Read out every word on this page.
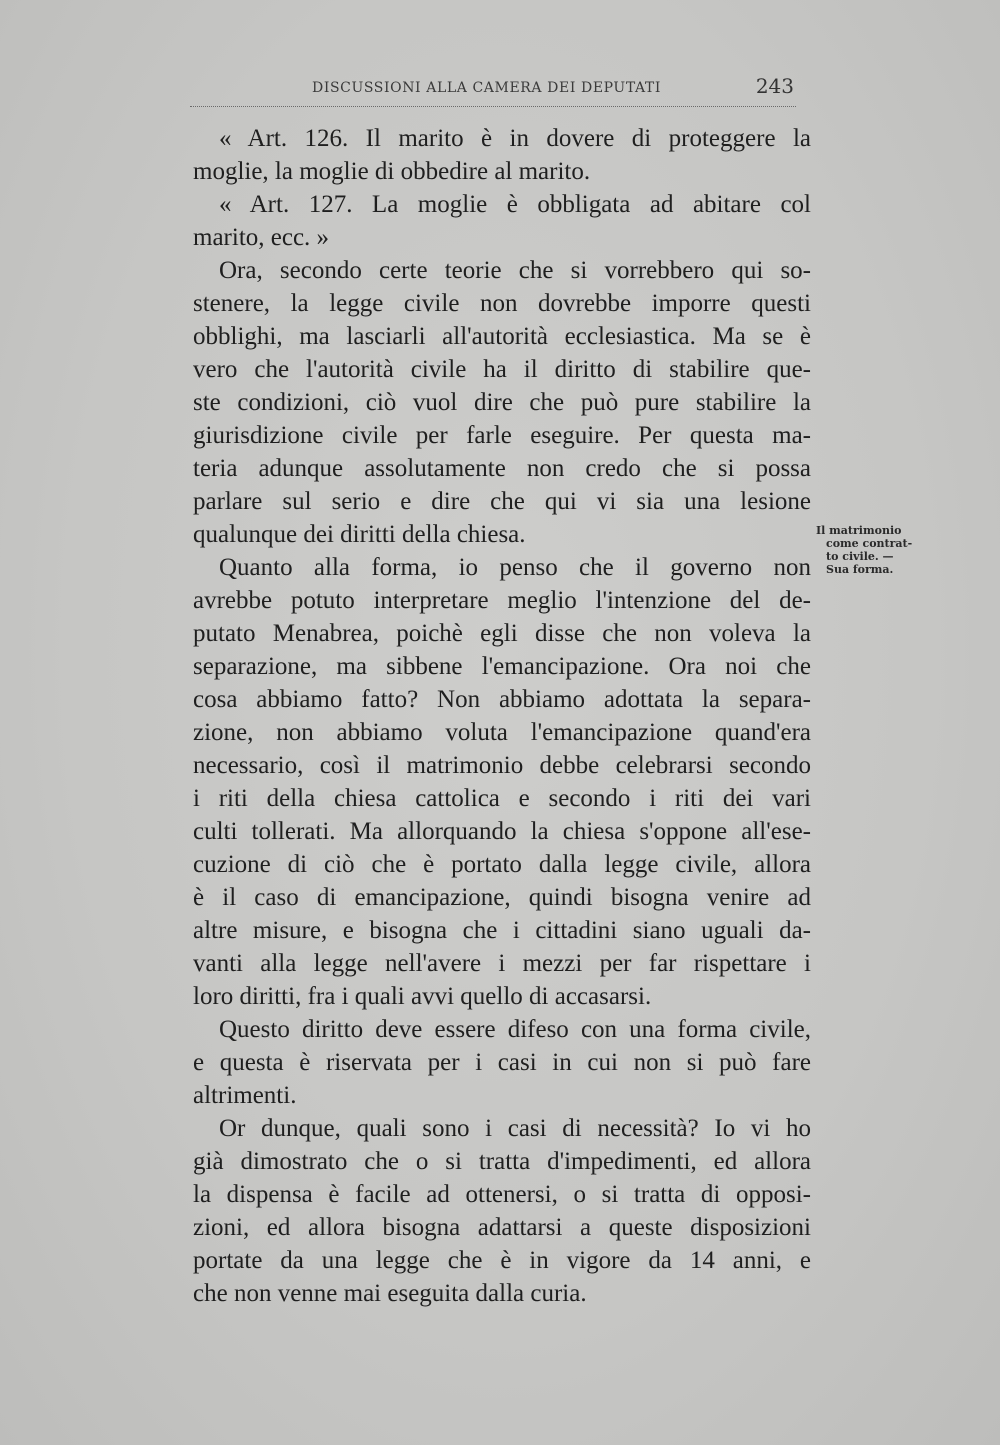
DISCUSSIONI ALLA CAMERA DEI DEPUTATI	243
« Art. 126. Il marito è in dovere di proteggere la
moglie, la moglie di obbedire al marito.
« Art. 127. La moglie è obbligata ad abitare col
marito, ecc. »
Ora, secondo certe teorie che si vorrebbero qui so-
stenere, la legge civile non dovrebbe imporre questi
obblighi, ma lasciarli all'autorità ecclesiastica. Ma se è
vero che l'autorità civile ha il diritto di stabilire que-
ste condizioni, ciò vuol dire che può pure stabilire la
giurisdizione civile per farle eseguire. Per questa ma-
teria adunque assolutamente non credo che si possa
parlare sul serio e dire che qui vi sia una lesione
qualunque dei diritti della chiesa.
Quanto alla forma, io penso che il governo non
avrebbe potuto interpretare meglio l'intenzione del de-
putato Menabrea, poichè egli disse che non voleva la
separazione, ma sibbene l'emancipazione. Ora noi che
cosa abbiamo fatto? Non abbiamo adottata la separa-
zione, non abbiamo voluta l'emancipazione quand'era
necessario, così il matrimonio debbe celebrarsi secondo
i riti della chiesa cattolica e secondo i riti dei vari
culti tollerati. Ma allorquando la chiesa s'oppone all'ese-
cuzione di ciò che è portato dalla legge civile, allora
è il caso di emancipazione, quindi bisogna venire ad
altre misure, e bisogna che i cittadini siano uguali da-
vanti alla legge nell'avere i mezzi per far rispettare i
loro diritti, fra i quali avvi quello di accasarsi.
Questo diritto deve essere difeso con una forma civile,
e questa è riservata per i casi in cui non si può fare
altrimenti.
Or dunque, quali sono i casi di necessità? Io vi ho
già dimostrato che o si tratta d'impedimenti, ed allora
la dispensa è facile ad ottenersi, o si tratta di opposi-
zioni, ed allora bisogna adattarsi a queste disposizioni
portate da una legge che è in vigore da 14 anni, e
che non venne mai eseguita dalla curia.
Il matrimonio
come contrat-
to civile. —
Sua forma.
